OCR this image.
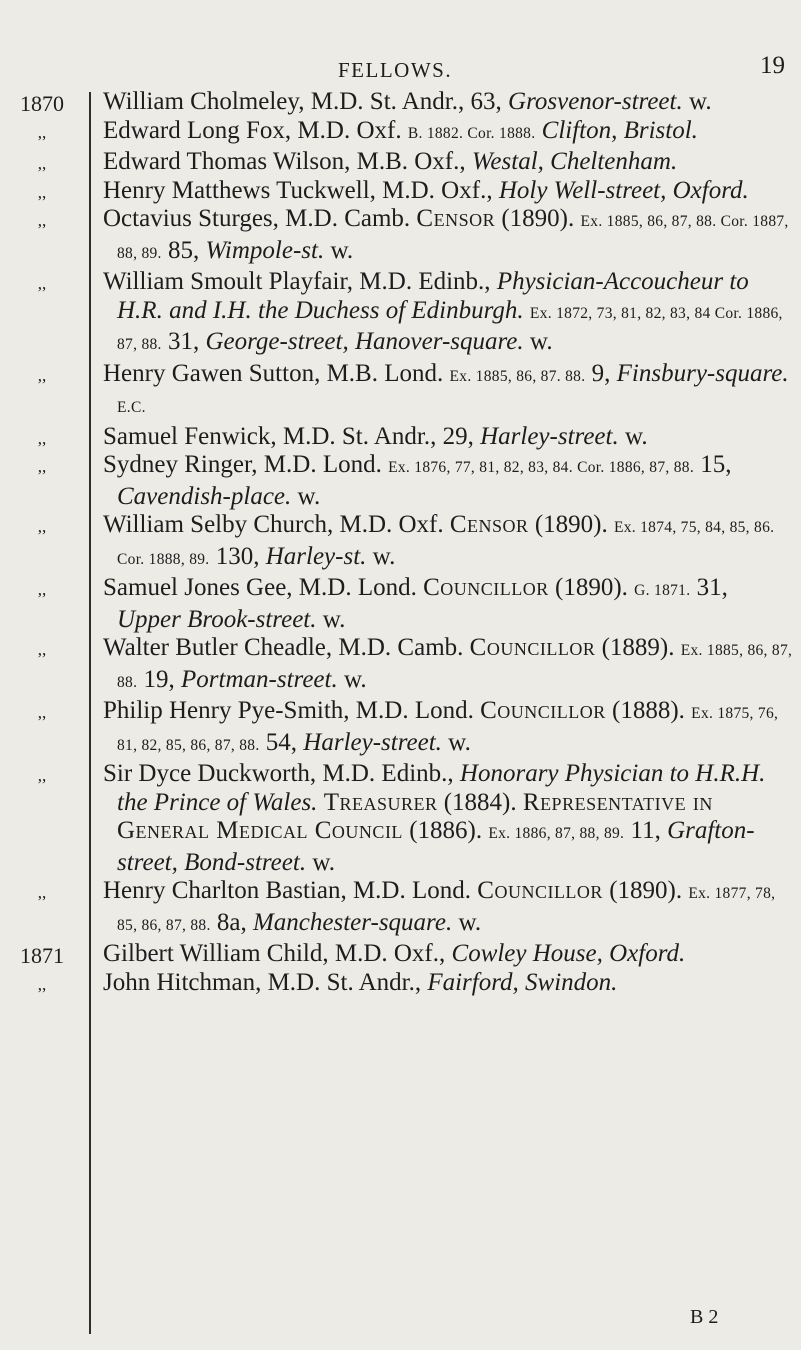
FELLOWS.	19
1870
,,
,,
,,
,,
,,
,,
,,
,,
,,
,,
,,
,,
,,
,,
1871
,,

William Cholmeley, M.D. St. Andr., 63, Grosvenor-street. w.

Edward Long Fox, M.D. Oxf. B. 1882. Cor. 1888. Clifton, Bristol.

Edward Thomas Wilson, M.B. Oxf., Westal, Cheltenham.

Henry Matthews Tuckwell, M.D. Oxf., Holy Well-street, Oxford.

Octavius Sturges, M.D. Camb. Censor (1890). Ex. 1885, 86, 87, 88. Cor. 1887, 88, 89. 85, Wimpole-st. w.

William Smoult Playfair, M.D. Edinb., Physician-Accoucheur to H.R. and I.H. the Duchess of Edinburgh. Ex. 1872, 73, 81, 82, 83, 84 Cor. 1886, 87, 88. 31, George-street, Hanover-square. w.

Henry Gawen Sutton, M.B. Lond. Ex. 1885, 86, 87. 88. 9, Finsbury-square. E.C.

Samuel Fenwick, M.D. St. Andr., 29, Harley-street. w.

Sydney Ringer, M.D. Lond. Ex. 1876, 77, 81, 82, 83, 84. Cor. 1886, 87, 88. 15, Cavendish-place. w.

William Selby Church, M.D. Oxf. Censor (1890). Ex. 1874, 75, 84, 85, 86. Cor. 1888, 89. 130, Harley-st. w.

Samuel Jones Gee, M.D. Lond. Councillor (1890). G. 1871. 31, Upper Brook-street. w.

Walter Butler Cheadle, M.D. Camb. Councillor (1889). Ex. 1885, 86, 87, 88. 19, Portman-street. w.

Philip Henry Pye-Smith, M.D. Lond. Councillor (1888). Ex. 1875, 76, 81, 82, 85, 86, 87, 88. 54, Harley-street. w.

Sir Dyce Duckworth, M.D. Edinb., Honorary Physician to H.R.H. the Prince of Wales. Treasurer (1884). Representative in General Medical Council (1886). Ex. 1886, 87, 88, 89. 11, Grafton-street, Bond-street. w.

Henry Charlton Bastian, M.D. Lond. Councillor (1890). Ex. 1877, 78, 85, 86, 87, 88. 8a, Manchester-square. w.

Gilbert William Child, M.D. Oxf., Cowley House, Oxford.

John Hitchman, M.D. St. Andr., Fairford, Swindon.

B 2
